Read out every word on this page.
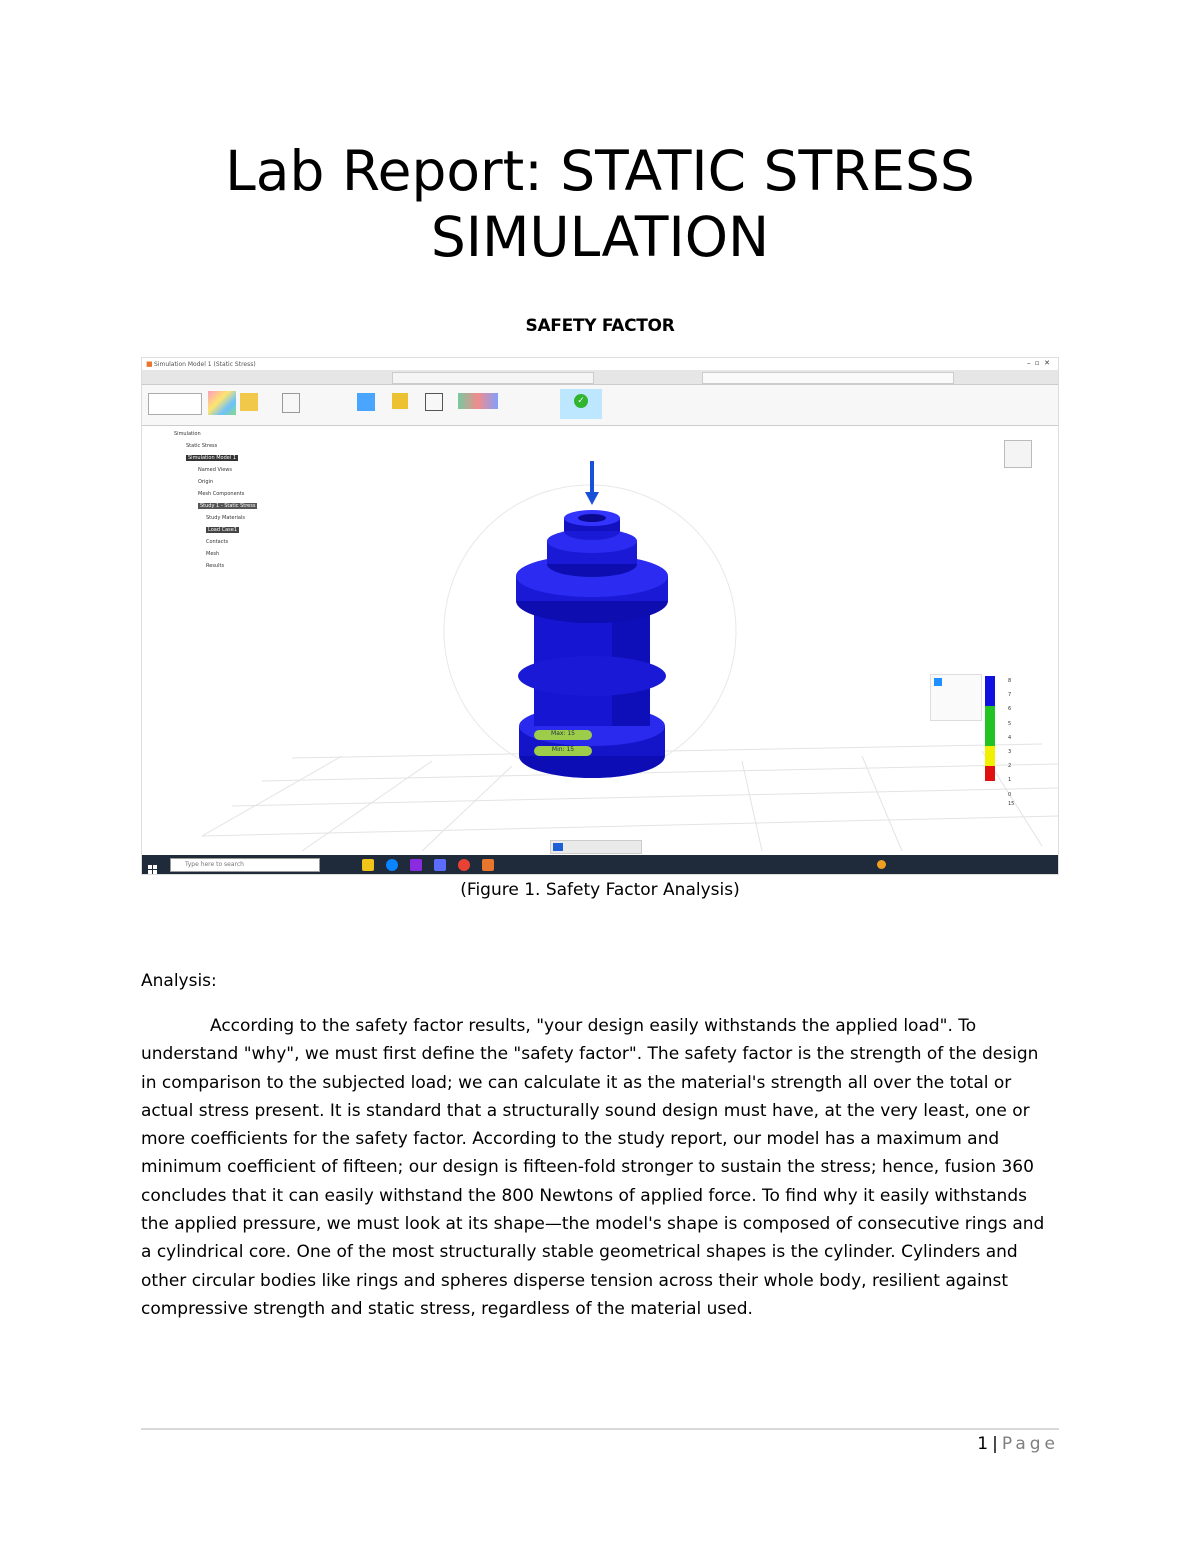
Lab Report: STATIC STRESS
SIMULATION
SAFETY FACTOR
■ Simulation Model 1 (Static Stress)	–  ▫  ✕
✓
Simulation
Static Stress
Simulation Model 1
Named Views
Origin
Mesh Components
Study 1 - Static Stress
Study Materials
Load Case1
Contacts
Mesh
Results
Max: 15
Min: 15
8
7
6
5
4
3
2
1
0
15
Type here to search
(Figure 1. Safety Factor Analysis)
Analysis:

According to the safety factor results, "your design easily withstands the applied load". To understand "why", we must first define the "safety factor". The safety factor is the strength of the design in comparison to the subjected load; we can calculate it as the material's strength all over the total or actual stress present. It is standard that a structurally sound design must have, at the very least, one or more coefficients for the safety factor. According to the study report, our model has a maximum and minimum coefficient of fifteen; our design is fifteen-fold stronger to sustain the stress; hence, fusion 360 concludes that it can easily withstand the 800 Newtons of applied force. To find why it easily withstands the applied pressure, we must look at its shape—the model's shape is composed of consecutive rings and a cylindrical core. One of the most structurally stable geometrical shapes is the cylinder. Cylinders and other circular bodies like rings and spheres disperse tension across their whole body, resilient against compressive strength and static stress, regardless of the material used.

1 | Page
